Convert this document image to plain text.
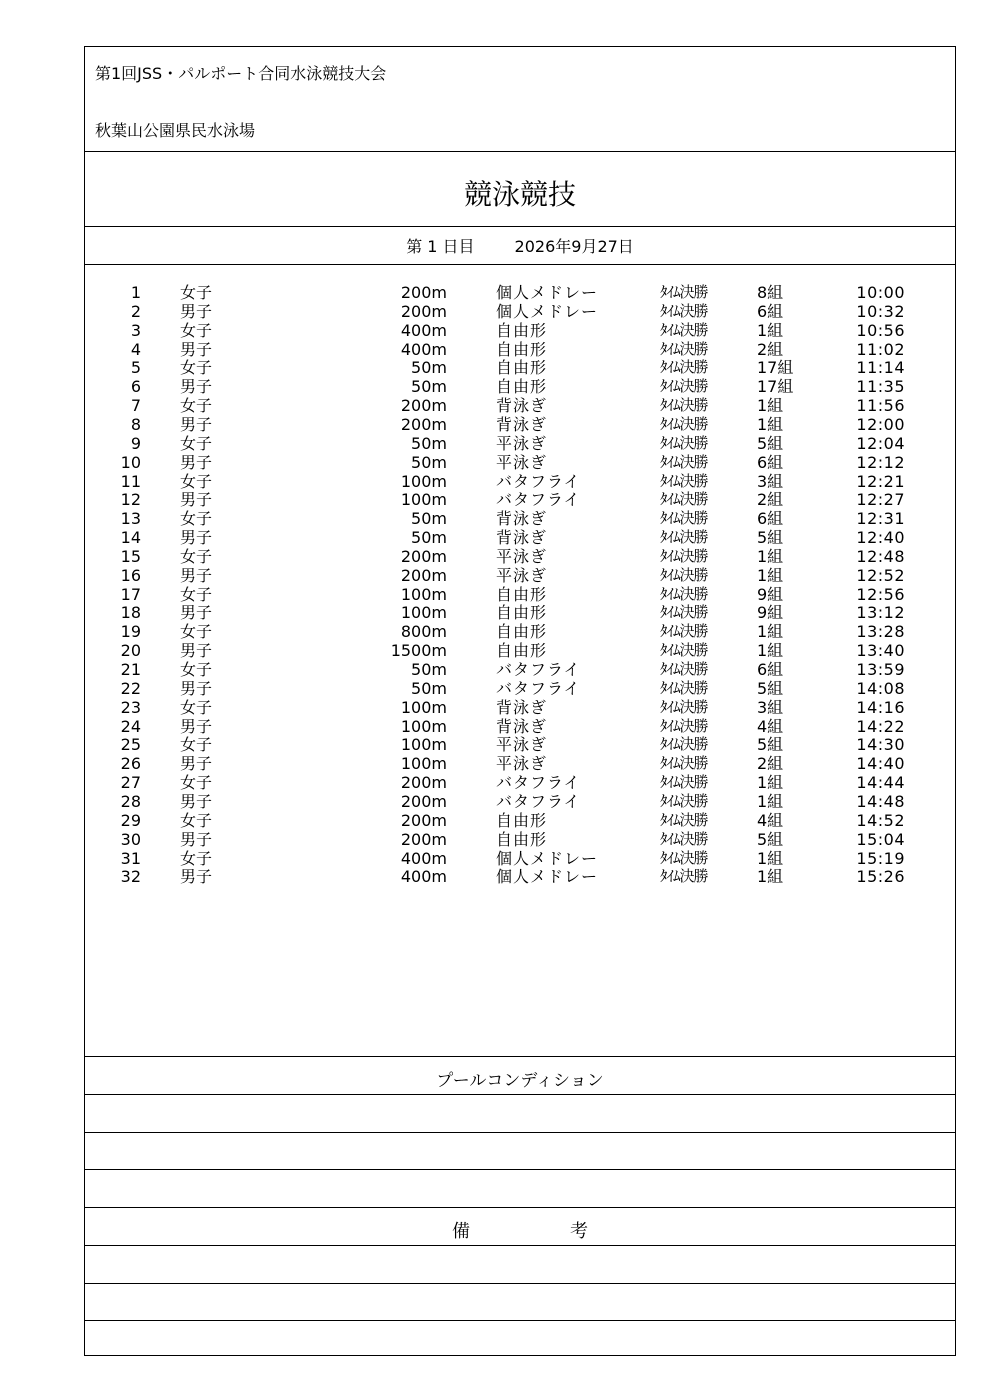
第1回JSS・パルポート合同水泳競技大会
秋葉山公園県民水泳場
競泳競技
第 1 日目	2026年9月27日
1 女子	200m	個人メドレー	ﾀｲﾑ決勝	8組	10:00
2 男子	200m	個人メドレー	ﾀｲﾑ決勝	6組	10:32
3 女子	400m	自由形	ﾀｲﾑ決勝	1組	10:56
4 男子	400m	自由形	ﾀｲﾑ決勝	2組	11:02
5 女子	50m	自由形	ﾀｲﾑ決勝	17組	11:14
6 男子	50m	自由形	ﾀｲﾑ決勝	17組	11:35
7 女子	200m	背泳ぎ	ﾀｲﾑ決勝	1組	11:56
8 男子	200m	背泳ぎ	ﾀｲﾑ決勝	1組	12:00
9 女子	50m	平泳ぎ	ﾀｲﾑ決勝	5組	12:04
10 男子	50m	平泳ぎ	ﾀｲﾑ決勝	6組	12:12
11 女子	100m	バタフライ	ﾀｲﾑ決勝	3組	12:21
12 男子	100m	バタフライ	ﾀｲﾑ決勝	2組	12:27
13 女子	50m	背泳ぎ	ﾀｲﾑ決勝	6組	12:31
14 男子	50m	背泳ぎ	ﾀｲﾑ決勝	5組	12:40
15 女子	200m	平泳ぎ	ﾀｲﾑ決勝	1組	12:48
16 男子	200m	平泳ぎ	ﾀｲﾑ決勝	1組	12:52
17 女子	100m	自由形	ﾀｲﾑ決勝	9組	12:56
18 男子	100m	自由形	ﾀｲﾑ決勝	9組	13:12
19 女子	800m	自由形	ﾀｲﾑ決勝	1組	13:28
20 男子	1500m	自由形	ﾀｲﾑ決勝	1組	13:40
21 女子	50m	バタフライ	ﾀｲﾑ決勝	6組	13:59
22 男子	50m	バタフライ	ﾀｲﾑ決勝	5組	14:08
23 女子	100m	背泳ぎ	ﾀｲﾑ決勝	3組	14:16
24 男子	100m	背泳ぎ	ﾀｲﾑ決勝	4組	14:22
25 女子	100m	平泳ぎ	ﾀｲﾑ決勝	5組	14:30
26 男子	100m	平泳ぎ	ﾀｲﾑ決勝	2組	14:40
27 女子	200m	バタフライ	ﾀｲﾑ決勝	1組	14:44
28 男子	200m	バタフライ	ﾀｲﾑ決勝	1組	14:48
29 女子	200m	自由形	ﾀｲﾑ決勝	4組	14:52
30 男子	200m	自由形	ﾀｲﾑ決勝	5組	15:04
31 女子	400m	個人メドレー	ﾀｲﾑ決勝	1組	15:19
32 男子	400m	個人メドレー	ﾀｲﾑ決勝	1組	15:26
プールコンディション
備	考
